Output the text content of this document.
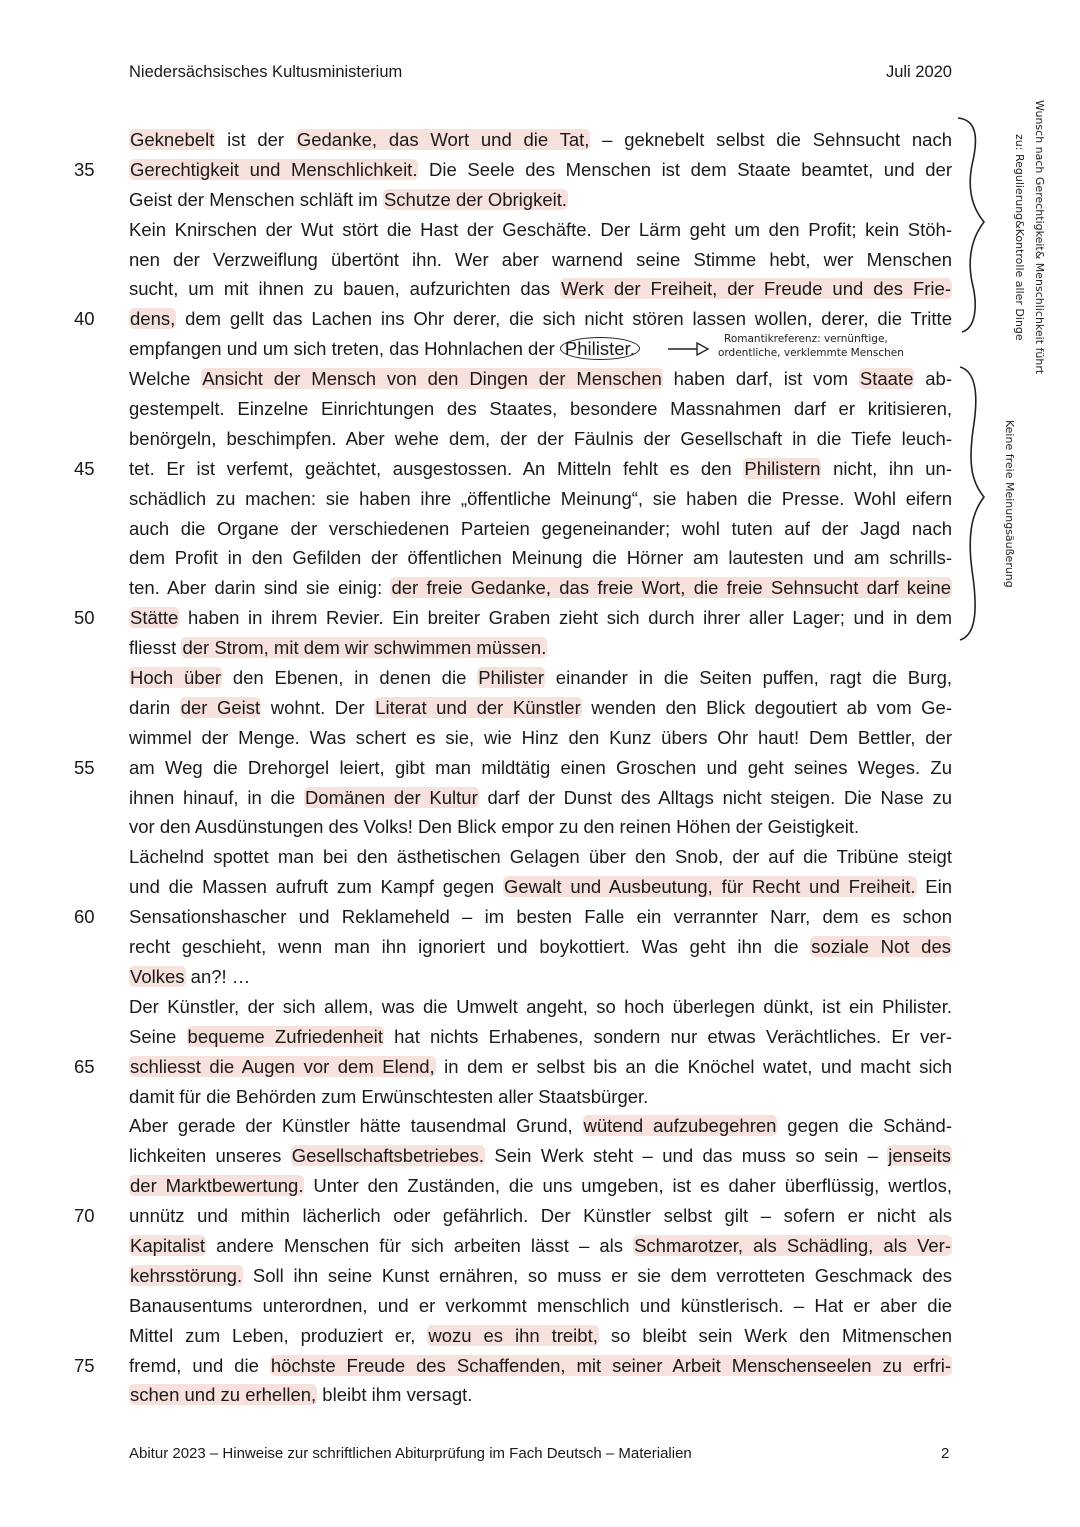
Niedersächsisches Kultusministerium	Juli 2020
Geknebelt ist der Gedanke, das Wort und die Tat, – geknebelt selbst die Sehnsucht nach
35 Gerechtigkeit und Menschlichkeit. Die Seele des Menschen ist dem Staate beamtet, und der
Geist der Menschen schläft im Schutze der Obrigkeit.
Kein Knirschen der Wut stört die Hast der Geschäfte. Der Lärm geht um den Profit; kein Stöh-
nen der Verzweiflung übertönt ihn. Wer aber warnend seine Stimme hebt, wer Menschen
sucht, um mit ihnen zu bauen, aufzurichten das Werk der Freiheit, der Freude und des Frie-
40 dens, dem gellt das Lachen ins Ohr derer, die sich nicht stören lassen wollen, derer, die Tritte
empfangen und um sich treten, das Hohnlachen der Philister.
Welche Ansicht der Mensch von den Dingen der Menschen haben darf, ist vom Staate ab-
gestempelt. Einzelne Einrichtungen des Staates, besondere Massnahmen darf er kritisieren,
benörgeln, beschimpfen. Aber wehe dem, der der Fäulnis der Gesellschaft in die Tiefe leuch-
45 tet. Er ist verfemt, geächtet, ausgestossen. An Mitteln fehlt es den Philistern nicht, ihn un-
schädlich zu machen: sie haben ihre „öffentliche Meinung“, sie haben die Presse. Wohl eifern
auch die Organe der verschiedenen Parteien gegeneinander; wohl tuten auf der Jagd nach
dem Profit in den Gefilden der öffentlichen Meinung die Hörner am lautesten und am schrills-
ten. Aber darin sind sie einig: der freie Gedanke, das freie Wort, die freie Sehnsucht darf keine
50 Stätte haben in ihrem Revier. Ein breiter Graben zieht sich durch ihrer aller Lager; und in dem
fliesst der Strom, mit dem wir schwimmen müssen.
Hoch über den Ebenen, in denen die Philister einander in die Seiten puffen, ragt die Burg,
darin der Geist wohnt. Der Literat und der Künstler wenden den Blick degoutiert ab vom Ge-
wimmel der Menge. Was schert es sie, wie Hinz den Kunz übers Ohr haut! Dem Bettler, der
55 am Weg die Drehorgel leiert, gibt man mildtätig einen Groschen und geht seines Weges. Zu
ihnen hinauf, in die Domänen der Kultur darf der Dunst des Alltags nicht steigen. Die Nase zu
vor den Ausdünstungen des Volks! Den Blick empor zu den reinen Höhen der Geistigkeit.
Lächelnd spottet man bei den ästhetischen Gelagen über den Snob, der auf die Tribüne steigt
und die Massen aufruft zum Kampf gegen Gewalt und Ausbeutung, für Recht und Freiheit. Ein
60 Sensationshascher und Reklameheld – im besten Falle ein verrannter Narr, dem es schon
recht geschieht, wenn man ihn ignoriert und boykottiert. Was geht ihn die soziale Not des
Volkes an?! …
Der Künstler, der sich allem, was die Umwelt angeht, so hoch überlegen dünkt, ist ein Philister.
Seine bequeme Zufriedenheit hat nichts Erhabenes, sondern nur etwas Verächtliches. Er ver-
65 schliesst die Augen vor dem Elend, in dem er selbst bis an die Knöchel watet, und macht sich
damit für die Behörden zum Erwünschtesten aller Staatsbürger.
Aber gerade der Künstler hätte tausendmal Grund, wütend aufzubegehren gegen die Schänd-
lichkeiten unseres Gesellschaftsbetriebes. Sein Werk steht – und das muss so sein – jenseits
der Marktbewertung. Unter den Zuständen, die uns umgeben, ist es daher überflüssig, wertlos,
70 unnütz und mithin lächerlich oder gefährlich. Der Künstler selbst gilt – sofern er nicht als
Kapitalist andere Menschen für sich arbeiten lässt – als Schmarotzer, als Schädling, als Ver-
kehrsstörung. Soll ihn seine Kunst ernähren, so muss er sie dem verrotteten Geschmack des
Banausentums unterordnen, und er verkommt menschlich und künstlerisch. – Hat er aber die
Mittel zum Leben, produziert er, wozu es ihn treibt, so bleibt sein Werk den Mitmenschen
75 fremd, und die höchste Freude des Schaffenden, mit seiner Arbeit Menschenseelen zu erfri-
schen und zu erhellen, bleibt ihm versagt.
Romantikreferenz: vernünftige,
ordentliche, verklemmte Menschen	Wunsch nach Gerechtigkeit& Menschlichkeit führt
zu: Regulierung&Kontrolle aller Dinge
Keine freie Meinungsäußerung
Abitur 2023 – Hinweise zur schriftlichen Abiturprüfung im Fach Deutsch – Materialien	2
